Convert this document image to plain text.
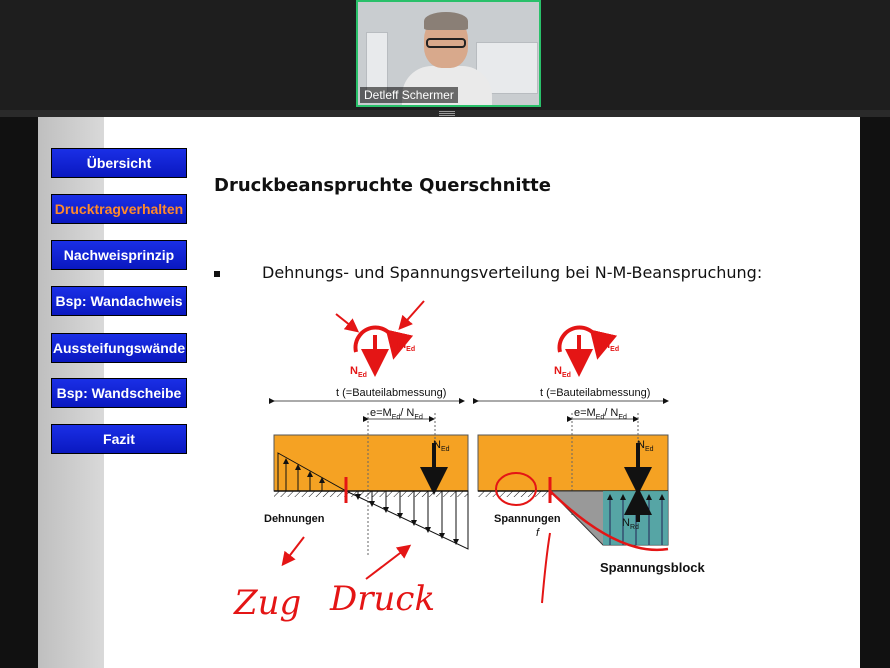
Detleff Schermer
Übersicht
Drucktragverhalten
Nachweisprinzip
Bsp: Wandachweis
Aussteifungswände
Bsp: Wandscheibe
Fazit
Druckbeanspruchte Querschnitte
Dehnungs- und Spannungsverteilung bei N-M-Beanspruchung:
$N_{Ed}$
$M_{Ed}$
$N_{Ed}$
$M_{Ed}$
t (=Bauteilabmessung)
$e=M_{Ed}/$ $N_{Ed}$
$N_{Ed}$
Dehnungen
t (=Bauteilabmessung)
$e=M_{Ed}/$ $N_{Ed}$
$N_{Ed}$
$N_{Rd}$
Spannungen
f
Spannungsblock
Zug Druck
